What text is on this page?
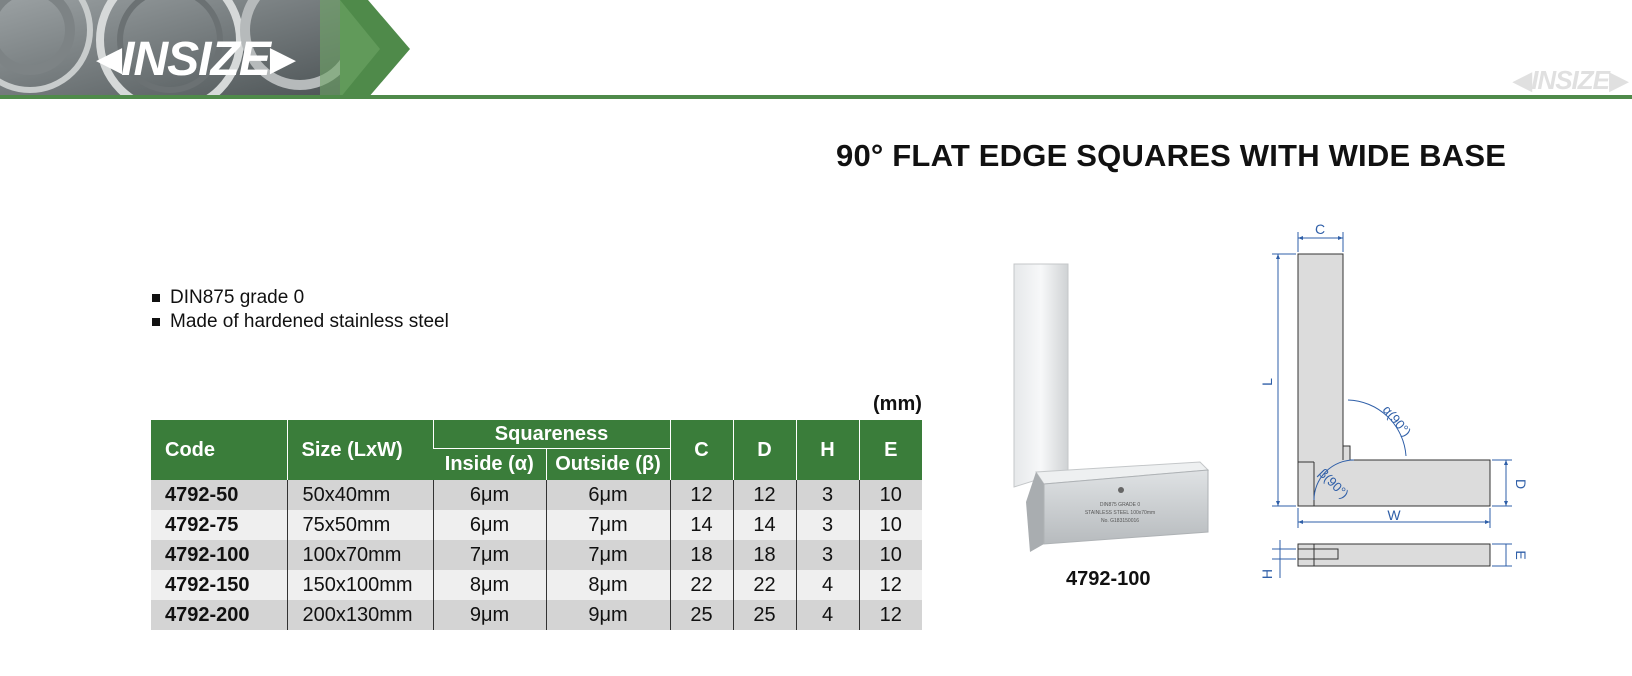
◀INSIZE▶
◀INSIZE▶
90° FLAT EDGE SQUARES WITH WIDE BASE
DIN875 grade 0
Made of hardened stainless steel
(mm)
Code	Size (LxW)	Squareness		C	D	H	E
		Inside (α)	Outside (β)				
4792-50	50x40mm	6μm	6μm	12	12	3	10
4792-75	75x50mm	6μm	7μm	14	14	3	10
4792-100	100x70mm	7μm	7μm	18	18	3	10
4792-150	150x100mm	8μm	8μm	22	22	4	12
4792-200	200x130mm	9μm	9μm	25	25	4	12
DIN875 GRADE 0
STAINLESS STEEL 100x70mm
No. G183150016
4792-100
C
L
α(90°)
β(90°)	D
W
E
H
